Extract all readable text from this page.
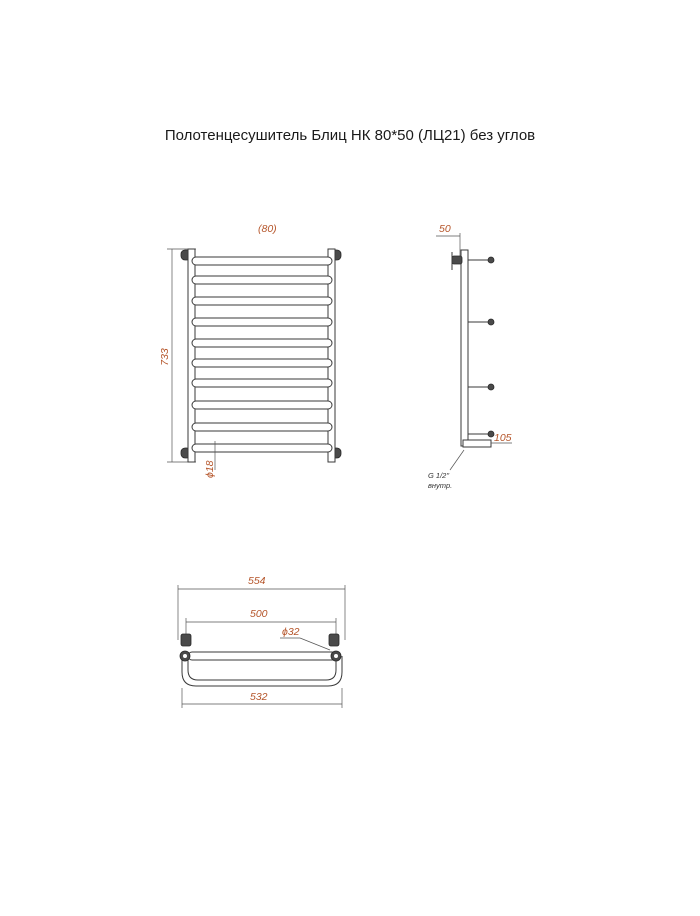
Полотенцесушитель Блиц НК 80*50 (ЛЦ21) без углов
(80)
733
ϕ18
50
105
G 1/2"
внутр.
554
500
ϕ32
532
